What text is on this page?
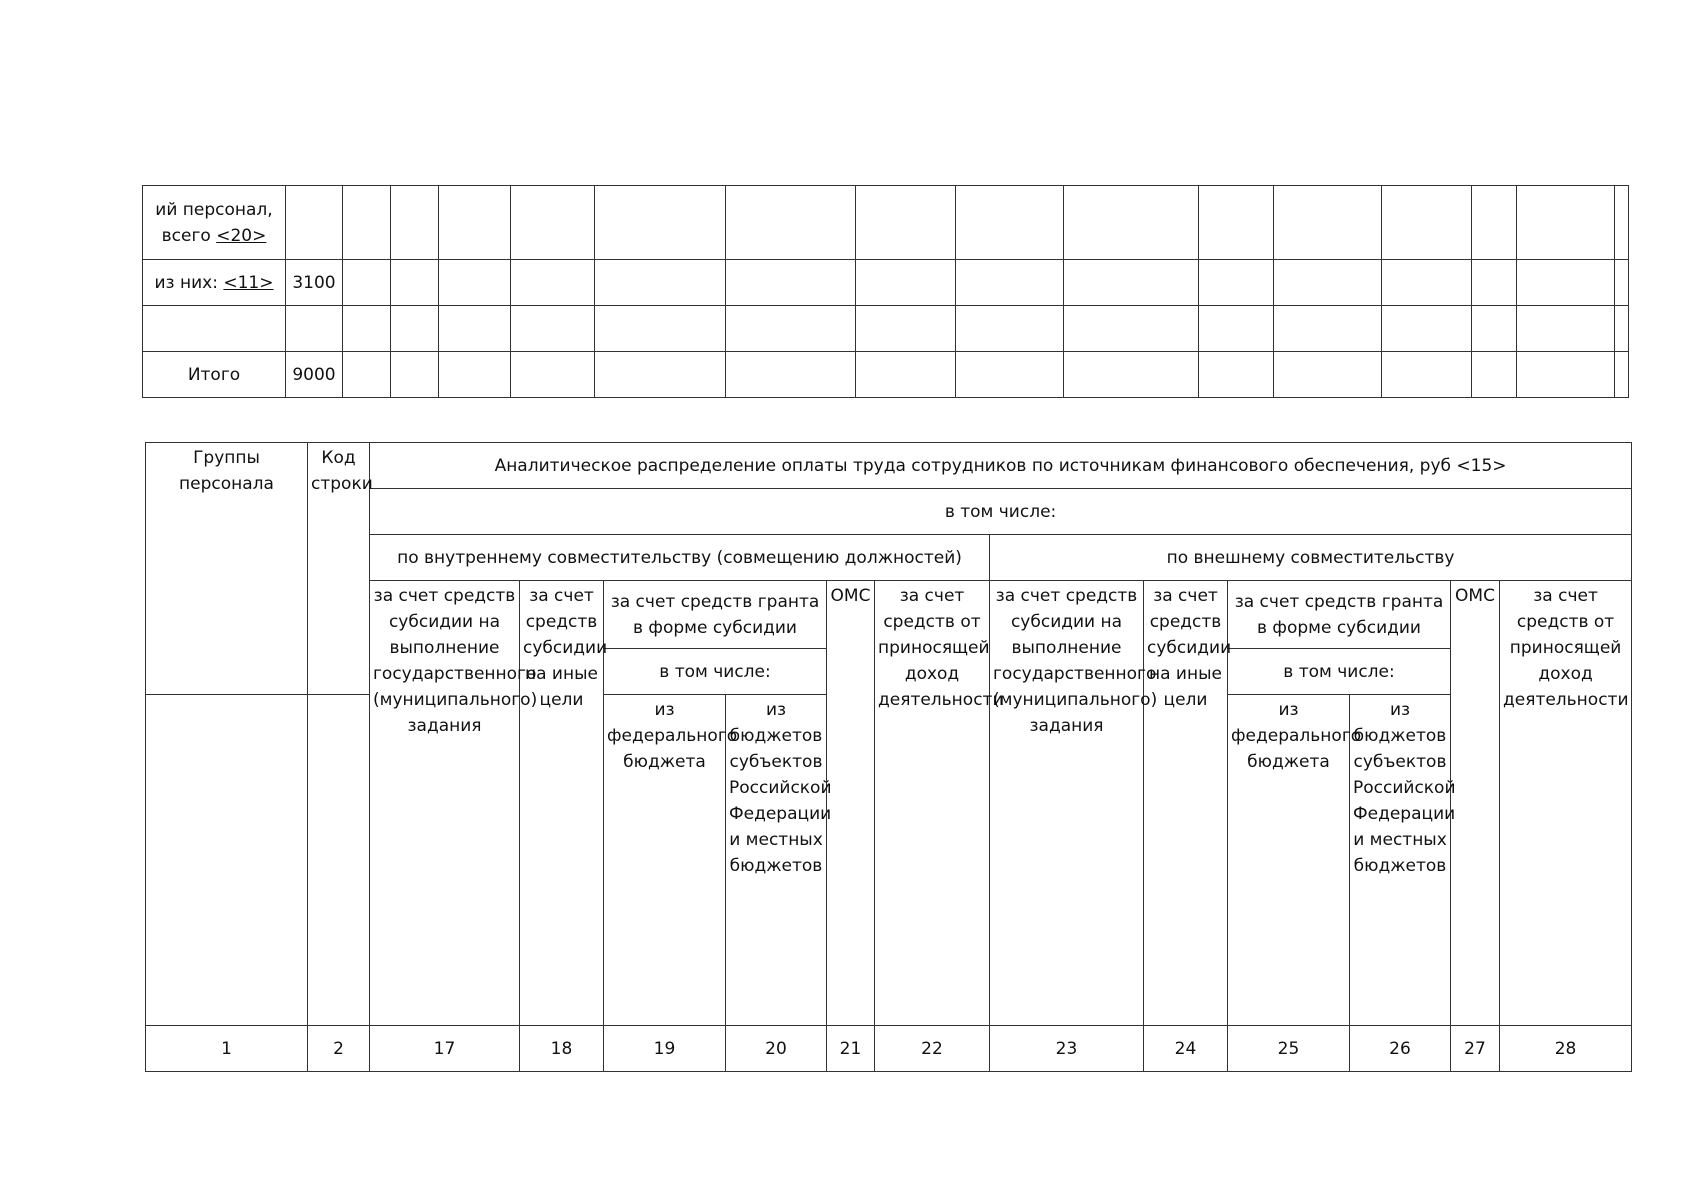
ий персонал, всего <20>																
из них: <11>	3100															

Итого	9000															
Группы персонала	Код строки	Аналитическое распределение оплаты труда сотрудников по источникам финансового обеспечения, руб <15>											
		в том числе:											
		по внутреннему совместительству (совмещению должностей)						по внешнему совместительству					
		за счет средств субсидии на выполнение государственного (муниципального) задания	за счет средств субсидии на иные цели	за счет средств гранта в форме субсидии		ОМС	за счет средств от приносящей доход деятельности	за счет средств субсидии на выполнение государственного (муниципального) задания	за счет средств субсидии на иные цели	за счет средств гранта в форме субсидии		ОМС	за счет средств от приносящей доход деятельности
				в том числе:						в том числе:			
				из федерального бюджета	из бюджетов субъектов Российской Федерации и местных бюджетов					из федерального бюджета	из бюджетов субъектов Российской Федерации и местных бюджетов		
1	2	17	18	19	20	21	22	23	24	25	26	27	28
